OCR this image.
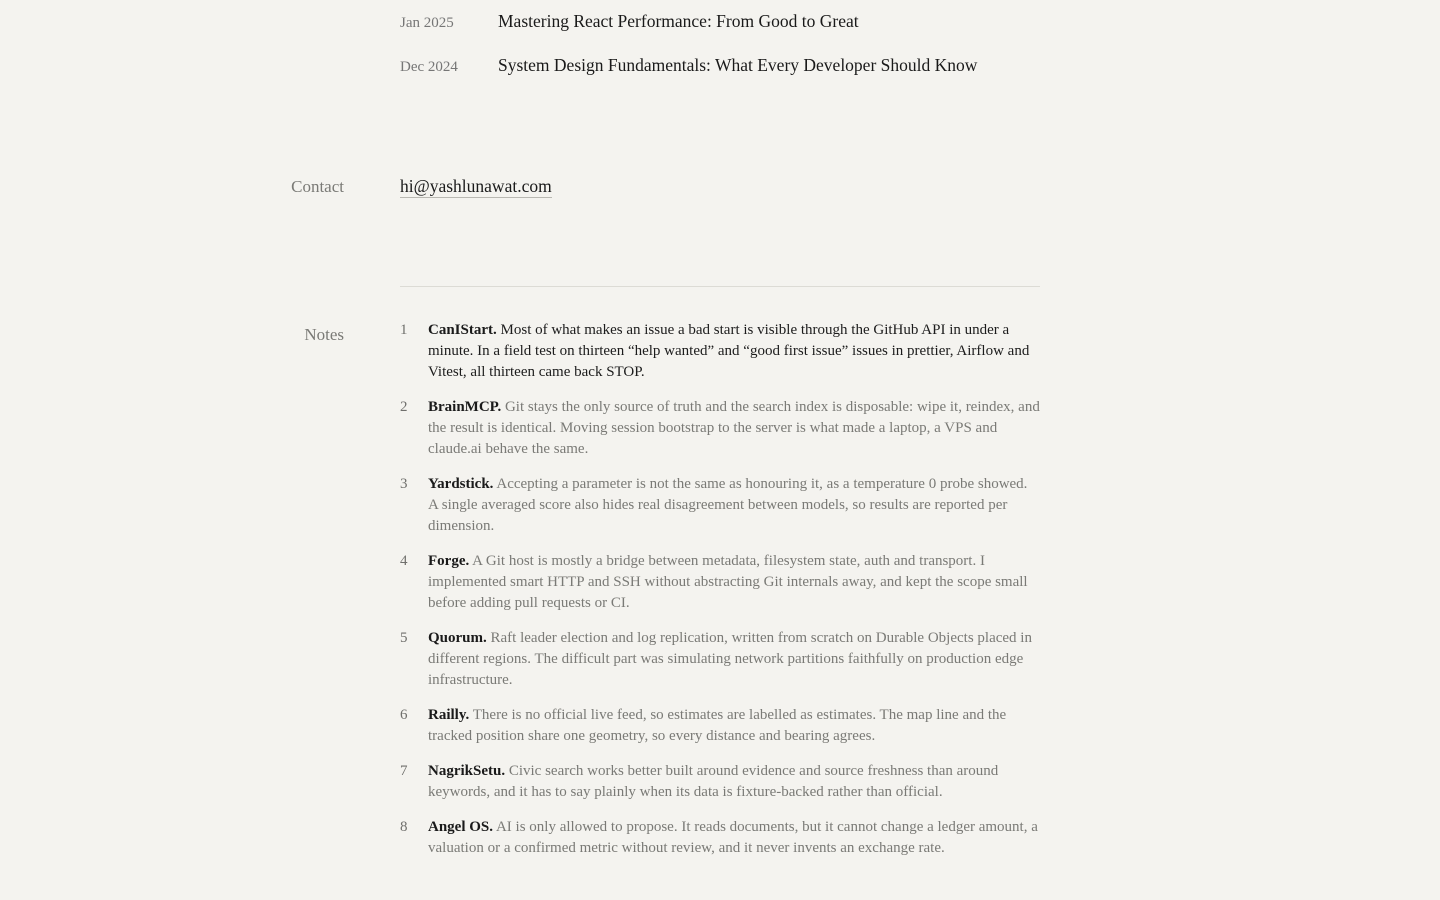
Jan 2025	Mastering React Performance: From Good to Great
Dec 2024	System Design Fundamentals: What Every Developer Should Know
Contact	hi@yashlunawat.com
Notes	1	CanIStart. Most of what makes an issue a bad start is visible through the GitHub API in under a minute. In a field test on thirteen “help wanted” and “good first issue” issues in prettier, Airflow and Vitest, all thirteen came back STOP.
2	BrainMCP. Git stays the only source of truth and the search index is disposable: wipe it, reindex, and the result is identical. Moving session bootstrap to the server is what made a laptop, a VPS and claude.ai behave the same.
3	Yardstick. Accepting a parameter is not the same as honouring it, as a temperature 0 probe showed. A single averaged score also hides real disagreement between models, so results are reported per dimension.
4	Forge. A Git host is mostly a bridge between metadata, filesystem state, auth and transport. I implemented smart HTTP and SSH without abstracting Git internals away, and kept the scope small before adding pull requests or CI.
5	Quorum. Raft leader election and log replication, written from scratch on Durable Objects placed in different regions. The difficult part was simulating network partitions faithfully on production edge infrastructure.
6	Railly. There is no official live feed, so estimates are labelled as estimates. The map line and the tracked position share one geometry, so every distance and bearing agrees.
7	NagrikSetu. Civic search works better built around evidence and source freshness than around keywords, and it has to say plainly when its data is fixture-backed rather than official.
8	Angel OS. AI is only allowed to propose. It reads documents, but it cannot change a ledger amount, a valuation or a confirmed metric without review, and it never invents an exchange rate.
